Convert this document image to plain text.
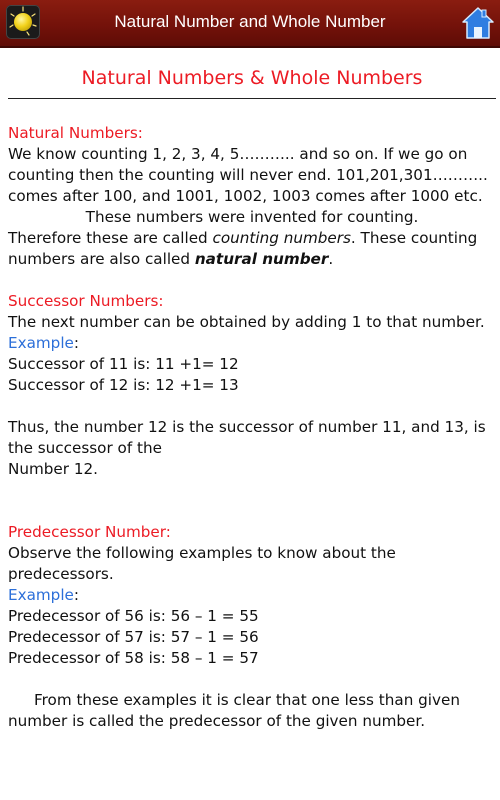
Natural Number and Whole Number
Natural Numbers & Whole Numbers

Natural Numbers:

We know counting 1, 2, 3, 4, 5……….. and so on. If we go on counting then the counting will never end. 101,201,301……….. comes after 100, and 1001, 1002, 1003 comes after 1000 etc.

These numbers were invented for counting.

Therefore these are called counting numbers. These counting numbers are also called natural number.

Successor Numbers:

The next number can be obtained by adding 1 to that number.

Example:

Successor of 11 is: 11 +1= 12

Successor of 12 is: 12 +1= 13

Thus, the number 12 is the successor of number 11, and 13, is the successor of the

Number 12.

Predecessor Number:

Observe the following examples to know about the predecessors.

Example:

Predecessor of 56 is: 56 – 1 = 55

Predecessor of 57 is: 57 – 1 = 56

Predecessor of 58 is: 58 – 1 = 57

From these examples it is clear that one less than given number is called the predecessor of the given number.
